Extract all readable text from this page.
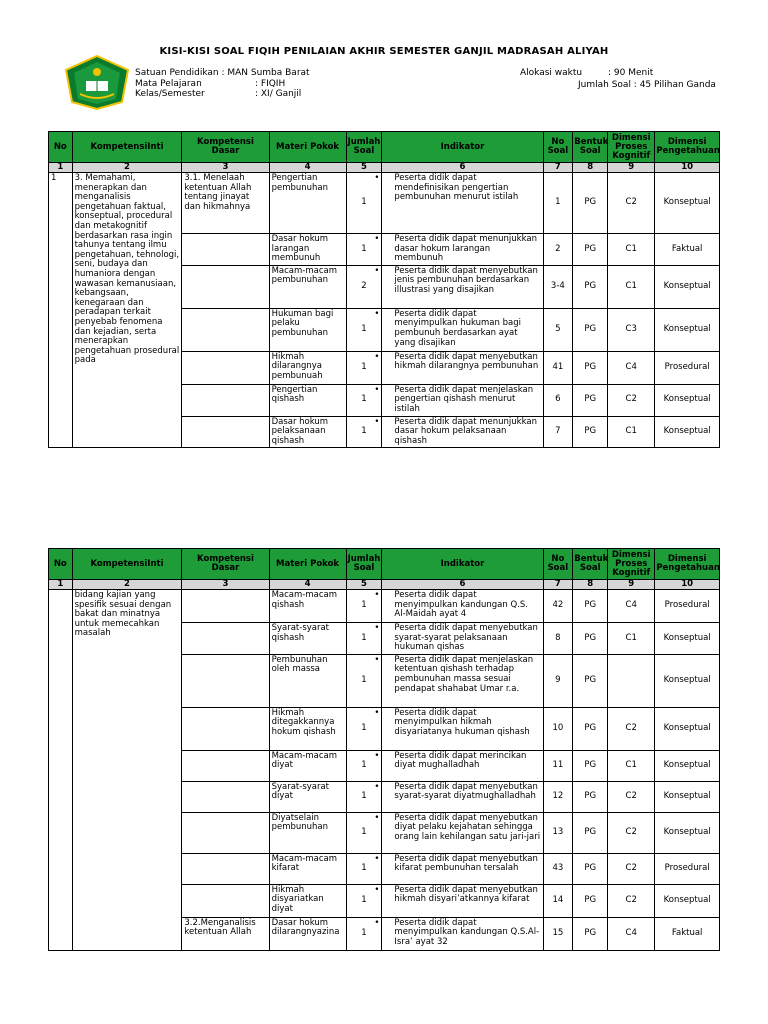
KISI-KISI SOAL FIQIH PENILAIAN AKHIR SEMESTER GANJIL MADRASAH ALIYAH
Satuan Pendidikan : MAN Sumba Barat
Mata Pelajaran	: FIQIH
Kelas/Semester	: XI/ Ganjil
Alokasi waktu	: 90 Menit
Jumlah Soal : 45 Pilihan Ganda
No	KompetensiInti	Kompetensi Dasar	Materi Pokok	Jumlah Soal	Indikator	No Soal	Bentuk Soal	Dimensi Proses Kognitif	Dimensi Pengetahuan
1	2	3	4	5	6	7	8	9	10
1	3. Memahami, menerapkan dan menganalisis pengetahuan faktual, konseptual, procedural dan metakognitif berdasarkan rasa ingin tahunya tentang ilmu pengetahuan, tehnologi, seni, budaya dan humaniora dengan wawasan kemanusiaan, kebangsaan, kenegaraan dan peradapan terkait penyebab fenomena dan kejadian, serta menerapkan pengetahuan prosedural pada	3.1. Menelaah ketentuan Allah tentang jinayat dan hikmahnya	Pengertian pembunuhan	1	• Peserta didik dapat mendefinisikan pengertian pembunuhan menurut istilah	1	PG	C2	Konseptual
			Dasar hokum larangan membunuh	1	• Peserta didik dapat menunjukkan dasar hokum larangan membunuh	2	PG	C1	Faktual
			Macam-macam pembunuhan	2	• Peserta didik dapat menyebutkan jenis pembunuhan berdasarkan illustrasi yang disajikan	3-4	PG	C1	Konseptual
			Hukuman bagi pelaku pembunuhan	1	• Peserta didik dapat menyimpulkan hukuman bagi pembunuh berdasarkan ayat yang disajikan	5	PG	C3	Konseptual
			Hikmah dilarangnya pembunuah	1	• Peserta didik dapat menyebutkan hikmah dilarangnya pembunuhan	41	PG	C4	Prosedural
			Pengertian qishash	1	• Peserta didik dapat menjelaskan pengertian qishash menurut istilah	6	PG	C2	Konseptual
			Dasar hokum pelaksanaan qishash	1	• Peserta didik dapat menunjukkan dasar hokum pelaksanaan qishash	7	PG	C1	Konseptual
No	KompetensiInti	Kompetensi Dasar	Materi Pokok	Jumlah Soal	Indikator	No Soal	Bentuk Soal	Dimensi Proses Kognitif	Dimensi Pengetahuan
1	2	3	4	5	6	7	8	9	10
	bidang kajian yang spesifik sesuai dengan bakat dan minatnya untuk memecahkan masalah		Macam-macam qishash	1	• Peserta didik dapat menyimpulkan kandungan Q.S. Al-Maidah ayat 4	42	PG	C4	Prosedural
			Syarat-syarat qishash	1	• Peserta didik dapat menyebutkan syarat-syarat pelaksanaan hukuman qishas	8	PG	C1	Konseptual
			Pembunuhan oleh massa	1	• Peserta didik dapat menjelaskan ketentuan qishash terhadap pembunuhan massa sesuai pendapat shahabat Umar r.a.	9	PG		Konseptual
			Hikmah ditegakkannya hokum qishash	1	• Peserta didik dapat menyimpulkan hikmah disyariatanya hukuman qishash	10	PG	C2	Konseptual
			Macam-macam diyat	1	• Peserta didik dapat merincikan diyat mughalladhah	11	PG	C1	Konseptual
			Syarat-syarat diyat	1	• Peserta didik dapat menyebutkan syarat-syarat diyatmughalladhah	12	PG	C2	Konseptual
			Diyatselain pembunuhan	1	• Peserta didik dapat menyebutkan diyat pelaku kejahatan sehingga orang lain kehilangan satu jari-jari	13	PG	C2	Konseptual
			Macam-macam kifarat	1	• Peserta didik dapat menyebutkan kifarat pembunuhan tersalah	43	PG	C2	Prosedural
			Hikmah disyariatkan diyat	1	• Peserta didik dapat menyebutkan hikmah disyari’atkannya kifarat	14	PG	C2	Konseptual
		3.2.Menganalisis ketentuan Allah	Dasar hokum dilarangnyazina	1	• Peserta didik dapat menyimpulkan kandungan Q.S.Al-Isra’ ayat 32	15	PG	C4	Faktual
